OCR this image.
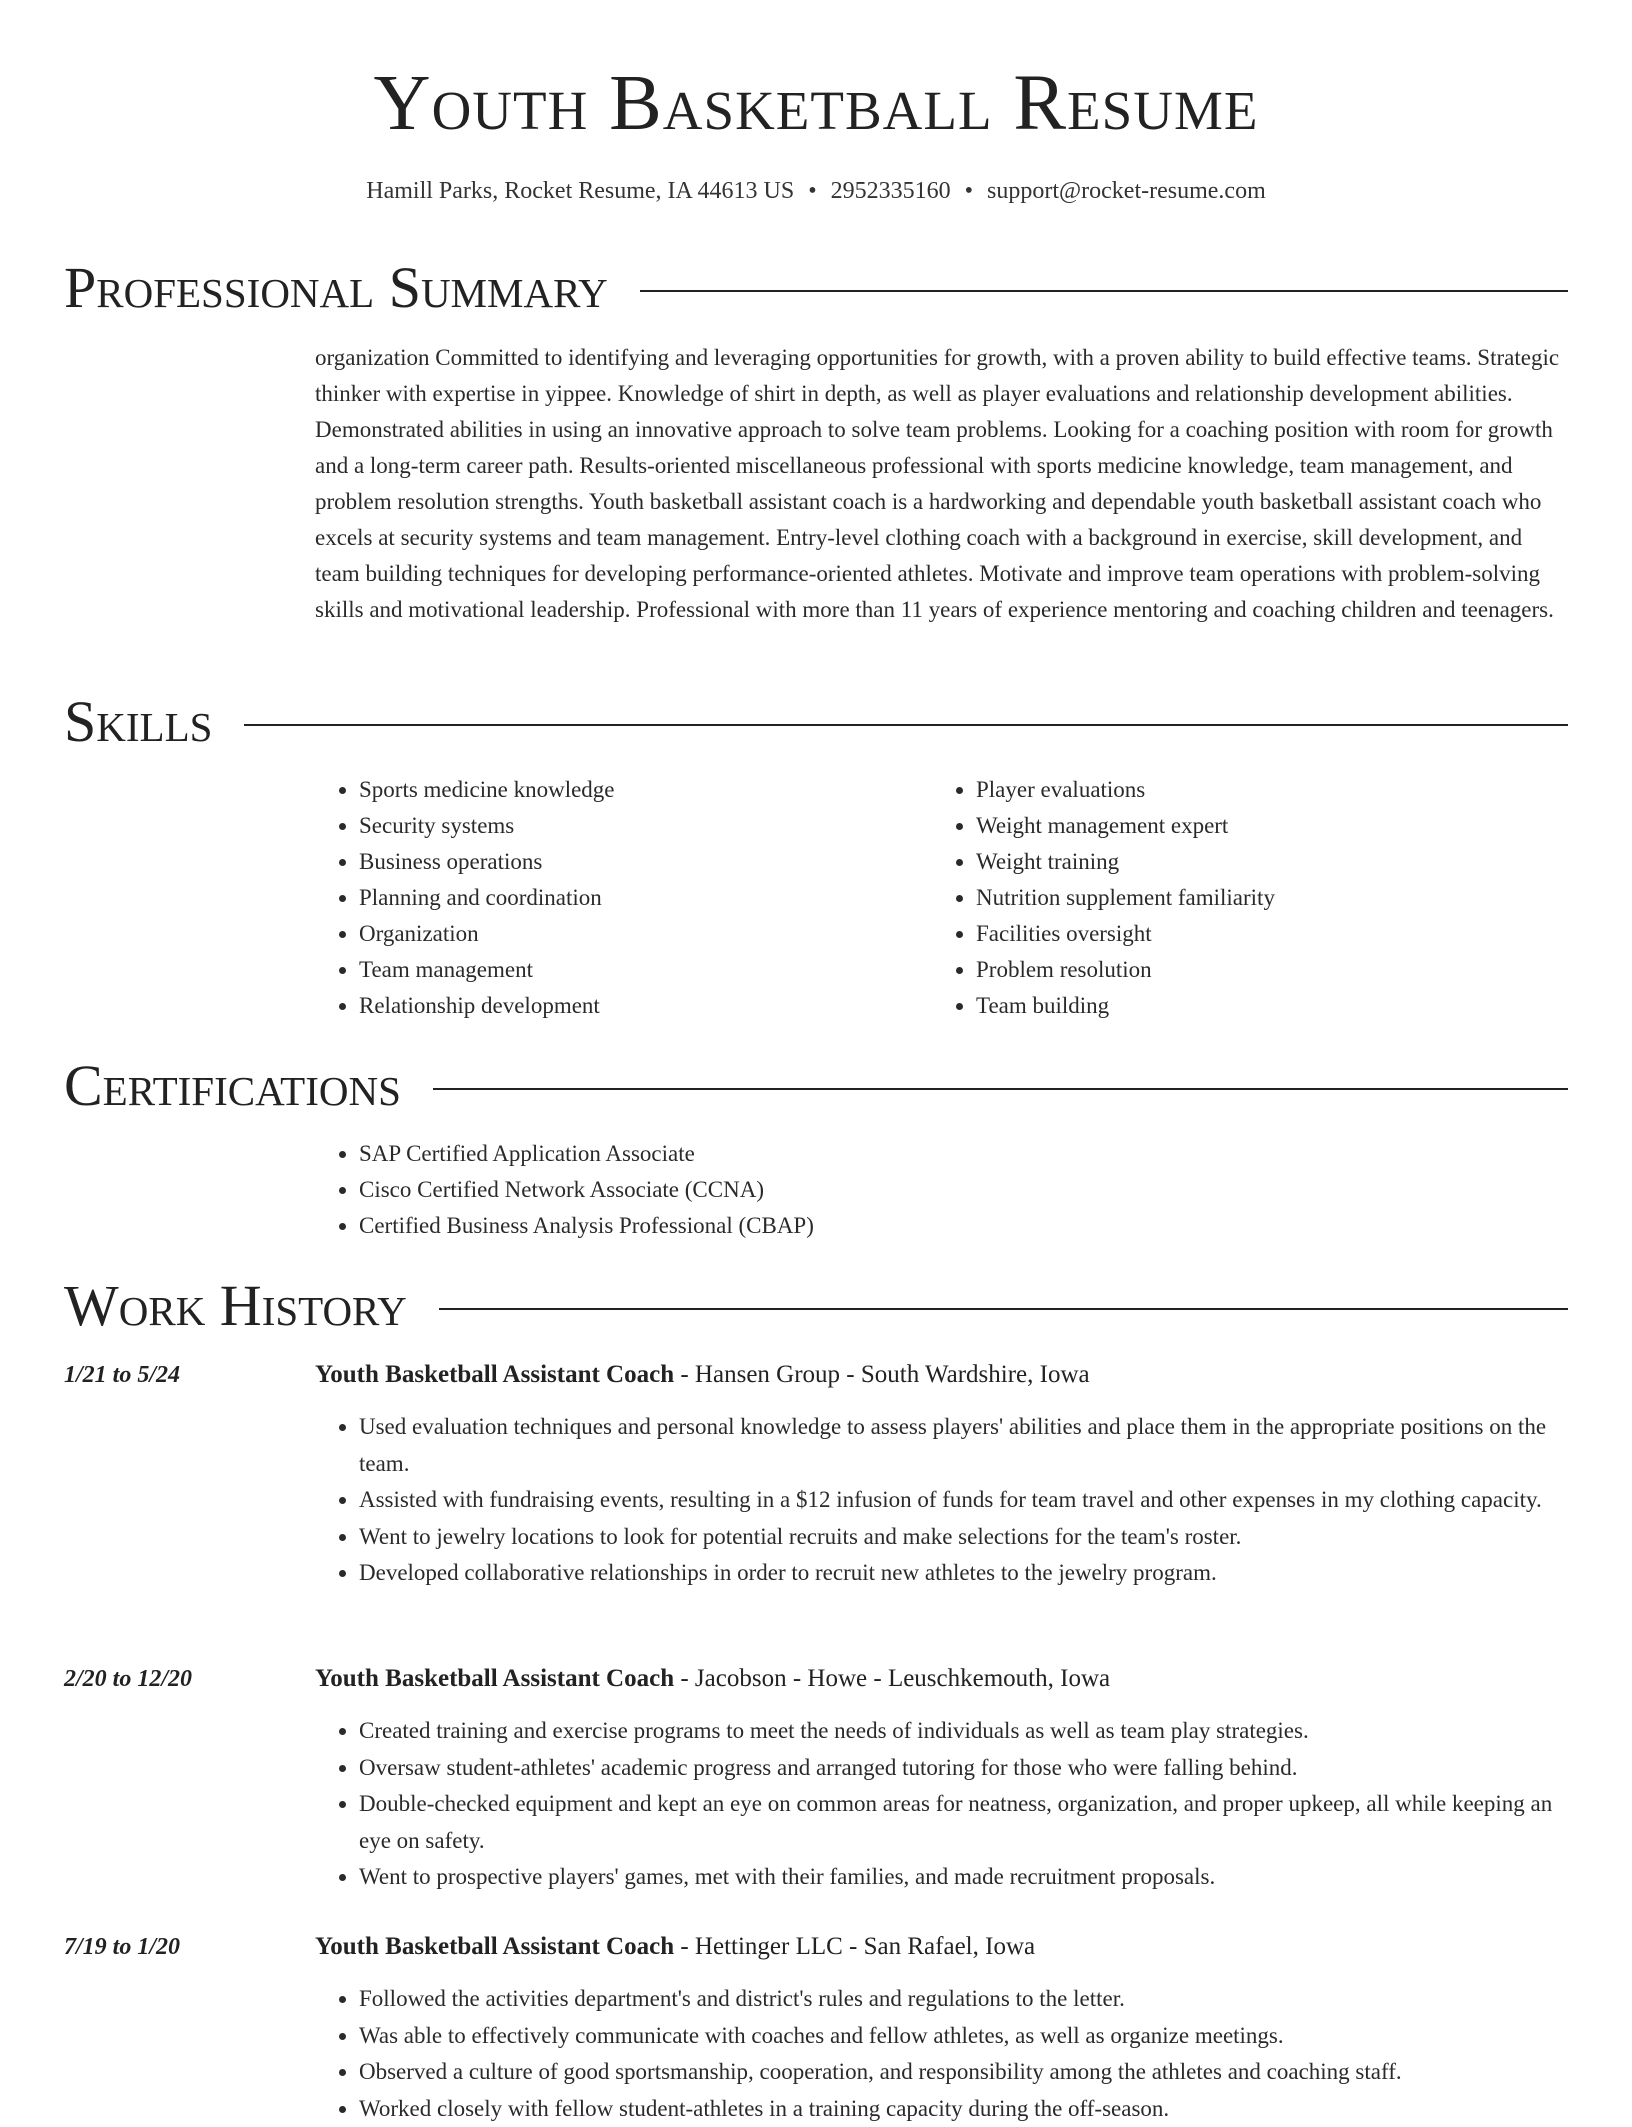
Youth Basketball Resume
Hamill Parks, Rocket Resume, IA 44613 US • 2952335160 • support@rocket-resume.com
Professional Summary

organization Committed to identifying and leveraging opportunities for growth, with a proven ability to build effective teams. Strategic thinker with expertise in yippee. Knowledge of shirt in depth, as well as player evaluations and relationship development abilities. Demonstrated abilities in using an innovative approach to solve team problems. Looking for a coaching position with room for growth and a long-term career path. Results-oriented miscellaneous professional with sports medicine knowledge, team management, and problem resolution strengths. Youth basketball assistant coach is a hardworking and dependable youth basketball assistant coach who excels at security systems and team management. Entry-level clothing coach with a background in exercise, skill development, and team building techniques for developing performance-oriented athletes. Motivate and improve team operations with problem-solving skills and motivational leadership. Professional with more than 11 years of experience mentoring and coaching children and teenagers.

Skills
• Sports medicine knowledge
• Security systems
• Business operations
• Planning and coordination
• Organization
• Team management
• Relationship development
• Player evaluations
• Weight management expert
• Weight training
• Nutrition supplement familiarity
• Facilities oversight
• Problem resolution
• Team building
Certifications
• SAP Certified Application Associate
• Cisco Certified Network Associate (CCNA)
• Certified Business Analysis Professional (CBAP)
Work History
1/21 to 5/24	Youth Basketball Assistant Coach - Hansen Group - South Wardshire, Iowa
• Used evaluation techniques and personal knowledge to assess players' abilities and place them in the appropriate positions on the team.
• Assisted with fundraising events, resulting in a $12 infusion of funds for team travel and other expenses in my clothing capacity.
• Went to jewelry locations to look for potential recruits and make selections for the team's roster.
• Developed collaborative relationships in order to recruit new athletes to the jewelry program.
2/20 to 12/20	Youth Basketball Assistant Coach - Jacobson - Howe - Leuschkemouth, Iowa
• Created training and exercise programs to meet the needs of individuals as well as team play strategies.
• Oversaw student-athletes' academic progress and arranged tutoring for those who were falling behind.
• Double-checked equipment and kept an eye on common areas for neatness, organization, and proper upkeep, all while keeping an eye on safety.
• Went to prospective players' games, met with their families, and made recruitment proposals.
7/19 to 1/20	Youth Basketball Assistant Coach - Hettinger LLC - San Rafael, Iowa
• Followed the activities department's and district's rules and regulations to the letter.
• Was able to effectively communicate with coaches and fellow athletes, as well as organize meetings.
• Observed a culture of good sportsmanship, cooperation, and responsibility among the athletes and coaching staff.
• Worked closely with fellow student-athletes in a training capacity during the off-season.
